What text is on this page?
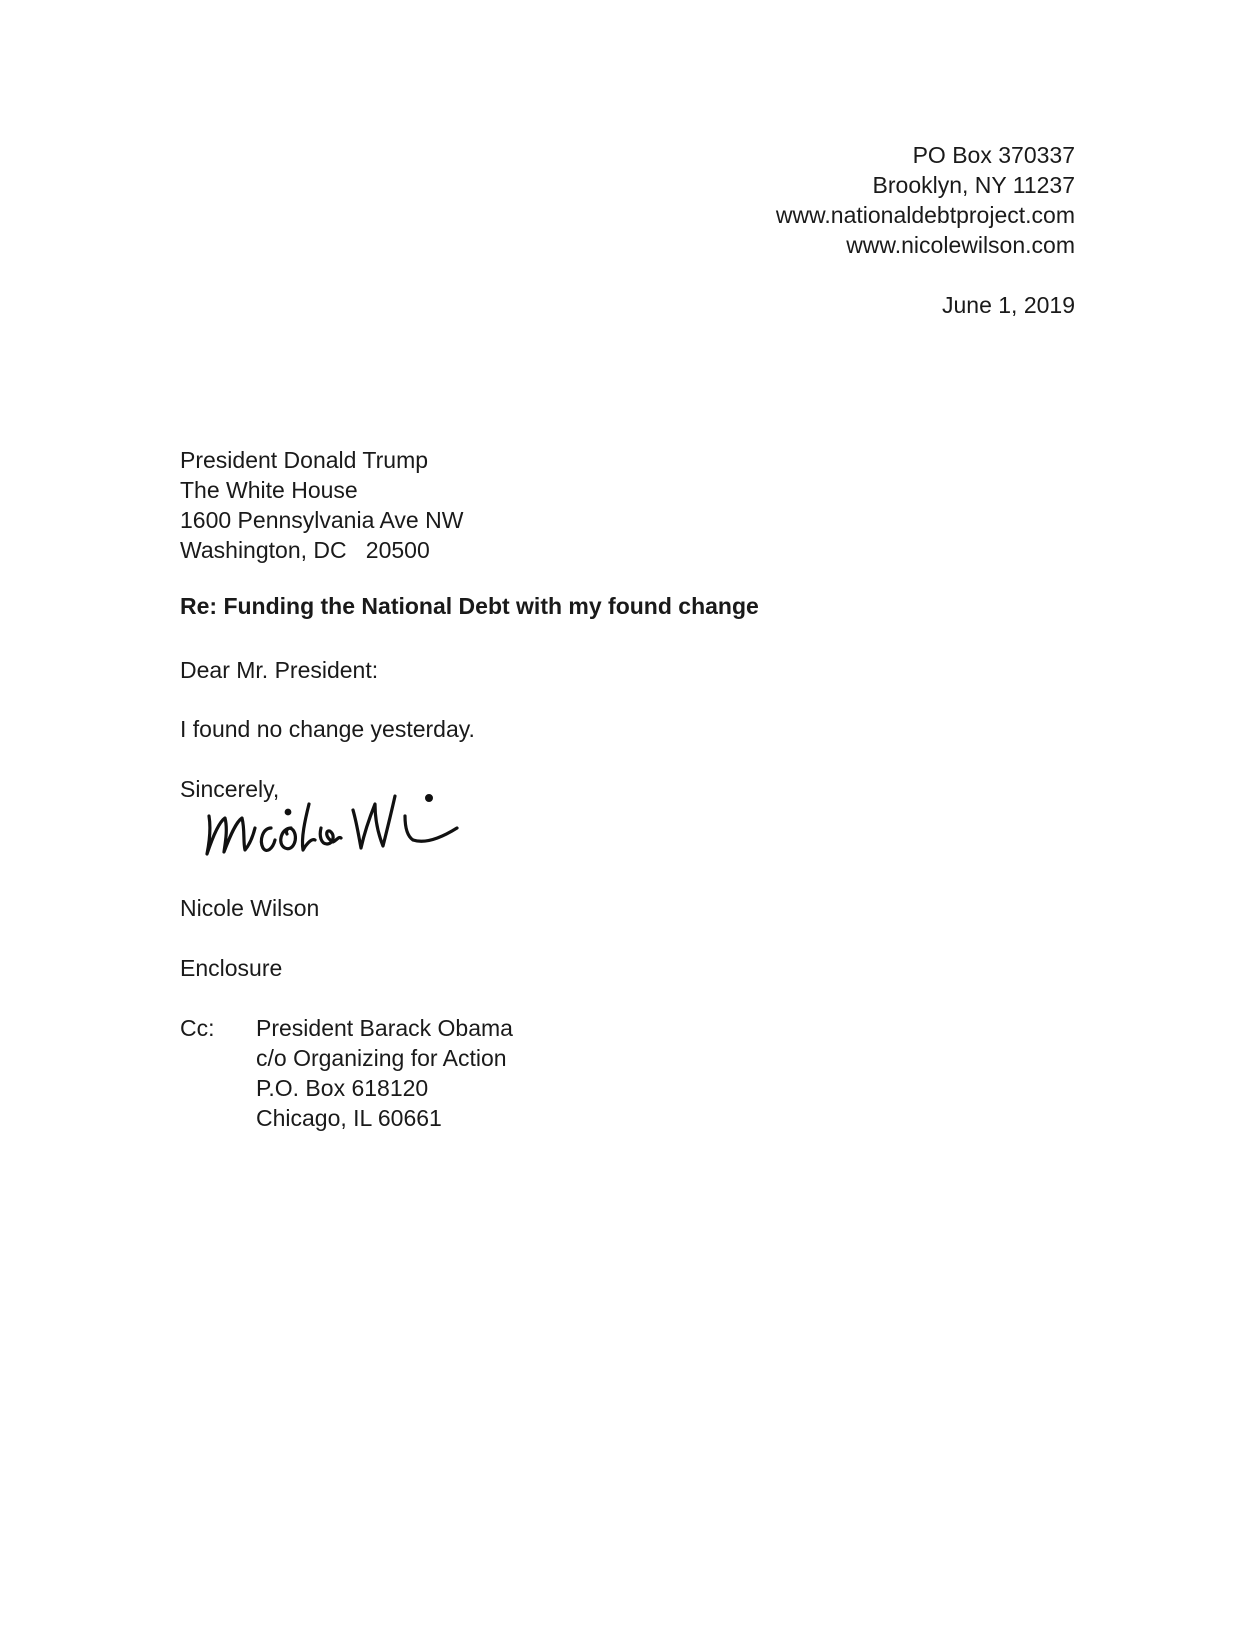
PO Box 370337
Brooklyn, NY 11237
www.nationaldebtproject.com
www.nicolewilson.com
June 1, 2019
President Donald Trump
The White House
1600 Pennsylvania Ave NW
Washington, DC   20500
Re: Funding the National Debt with my found change
Dear Mr. President:
I found no change yesterday.
Sincerely,
Nicole Wilson
Enclosure
Cc: President Barack Obama
c/o Organizing for Action
P.O. Box 618120
Chicago, IL 60661
